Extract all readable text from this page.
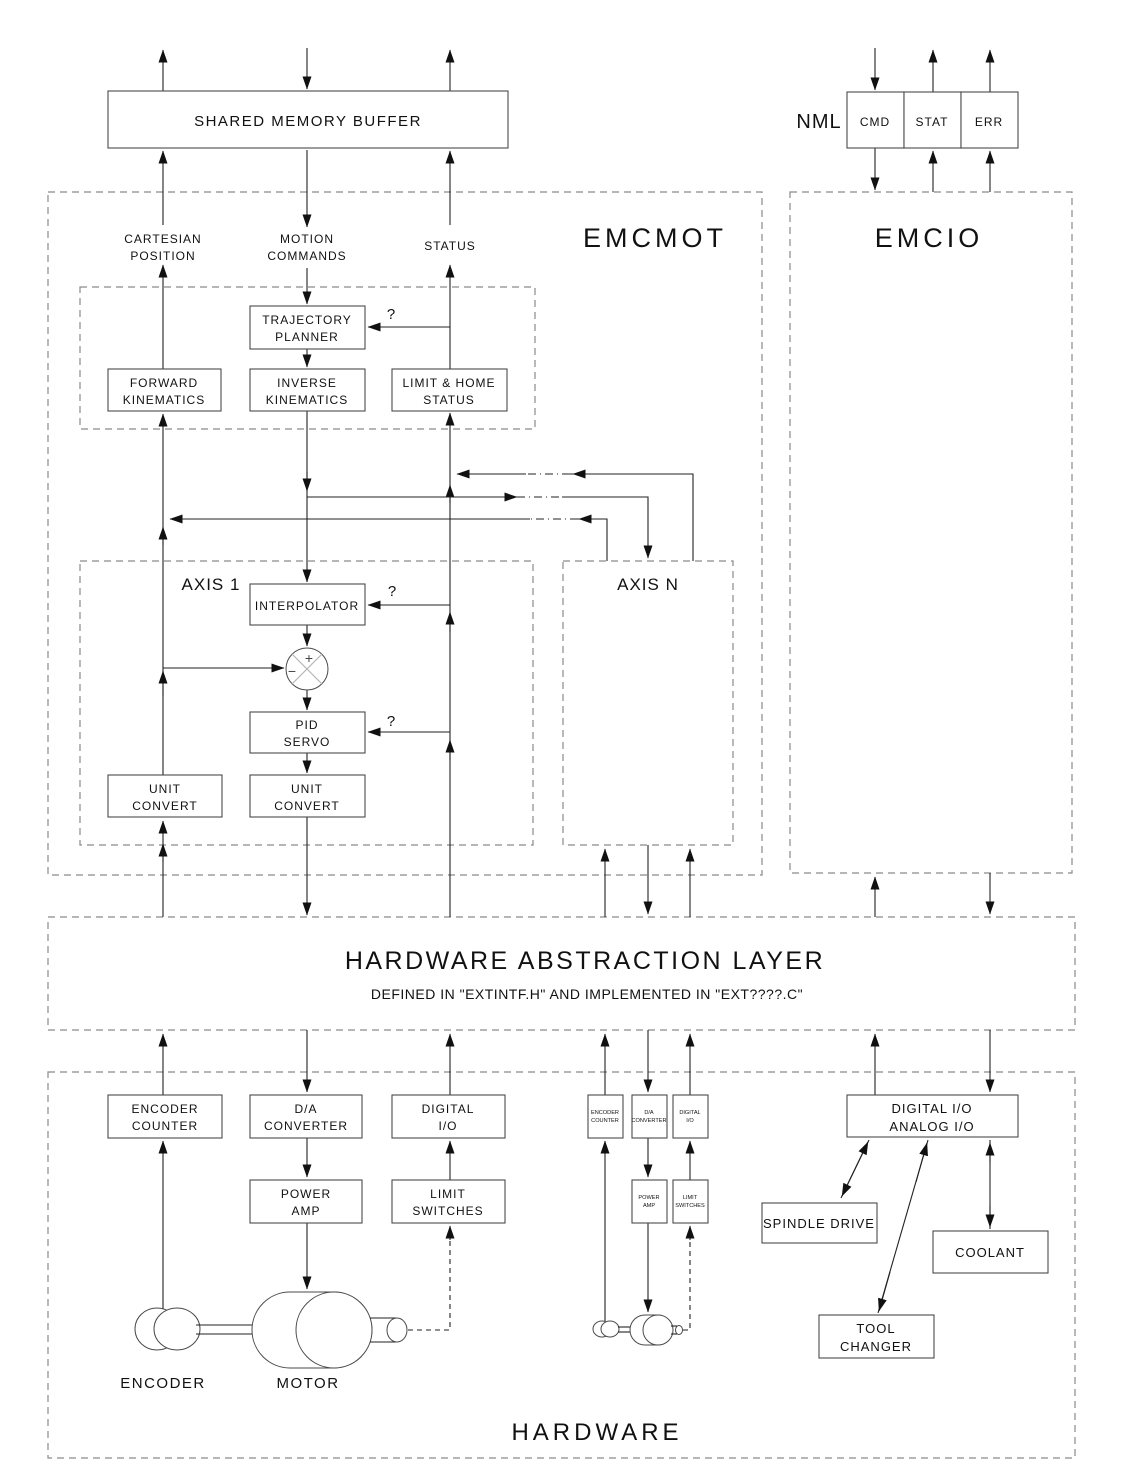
SHARED MEMORY BUFFER	NML CMD STAT ERR
EMCMOT	EMCIO
CARTESIAN
POSITION
MOTION
COMMANDS
STATUS
TRAJECTORY
PLANNER
?
FORWARD
KINEMATICS
INVERSE
KINEMATICS
LIMIT & HOME
STATUS
AXIS 1
INTERPOLATOR
?
+
−
PID
SERVO
?
UNIT
CONVERT
UNIT
CONVERT
AXIS N
HARDWARE ABSTRACTION LAYER
DEFINED IN "EXTINTF.H" AND IMPLEMENTED IN "EXT????.C"
ENCODER
COUNTER
D/A
CONVERTER
DIGITAL
I/O
POWER
AMP
LIMIT
SWITCHES
ENCODER	MOTOR
ENCODER
COUNTER
D/A
CONVERTER
DIGITAL
I/O
POWER
AMP
LIMIT
SWITCHES
DIGITAL I/O
ANALOG I/O
SPINDLE DRIVE
COOLANT
TOOL
CHANGER
HARDWARE
